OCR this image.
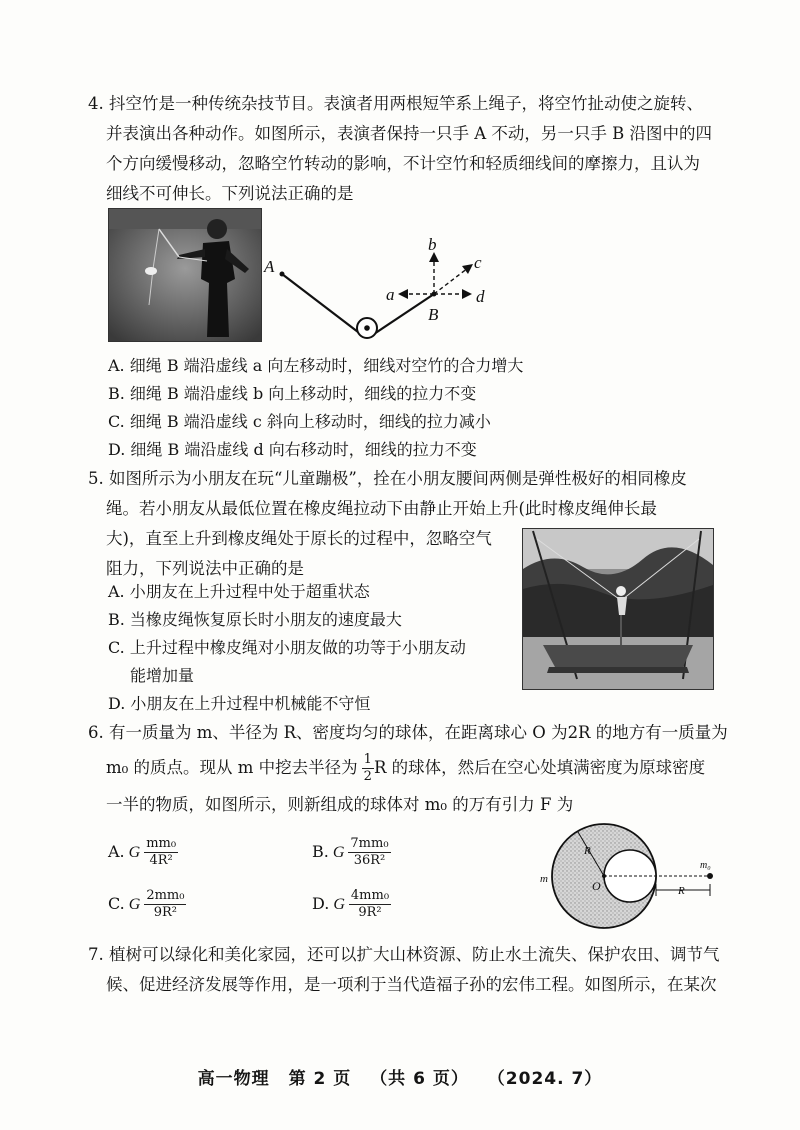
4. 抖空竹是一种传统杂技节目。表演者用两根短竿系上绳子，将空竹扯动使之旋转、
并表演出各种动作。如图所示，表演者保持一只手 A 不动，另一只手 B 沿图中的四
个方向缓慢移动，忽略空竹转动的影响，不计空竹和轻质细线间的摩擦力，且认为
细线不可伸长。下列说法正确的是
A
B
b
c
a	d
A. 细绳 B 端沿虚线 a 向左移动时，细线对空竹的合力增大
B. 细绳 B 端沿虚线 b 向上移动时，细线的拉力不变
C. 细绳 B 端沿虚线 c 斜向上移动时，细线的拉力减小
D. 细绳 B 端沿虚线 d 向右移动时，细线的拉力不变
5. 如图所示为小朋友在玩“儿童蹦极”，拴在小朋友腰间两侧是弹性极好的相同橡皮
绳。若小朋友从最低位置在橡皮绳拉动下由静止开始上升(此时橡皮绳伸长最
大)，直至上升到橡皮绳处于原长的过程中，忽略空气
阻力，下列说法中正确的是
A. 小朋友在上升过程中处于超重状态
B. 当橡皮绳恢复原长时小朋友的速度最大
C. 上升过程中橡皮绳对小朋友做的功等于小朋友动
能增加量
D. 小朋友在上升过程中机械能不守恒
6. 有一质量为 m、半径为 R、密度均匀的球体，在距离球心 O 为2R 的地方有一质量为
m₀ 的质点。现从 m 中挖去半径为 $\frac{1}{2}$ R 的球体，然后在空心处填满密度为原球密度
一半的物质，如图所示，则新组成的球体对 m₀ 的万有引力 F 为
A. G $\frac{\text{mm₀}}{\text{4R²}}$	B. G $\frac{\text{7mm₀}}{\text{36R²}}$
C. G $\frac{\text{2mm₀}}{\text{9R²}}$	D. G $\frac{\text{4mm₀}}{\text{9R²}}$
m	O
R
R
m₀
7. 植树可以绿化和美化家园，还可以扩大山林资源、防止水土流失、保护农田、调节气
候、促进经济发展等作用，是一项利于当代造福子孙的宏伟工程。如图所示，在某次
高一物理 第 2 页 （共 6 页） （2024. 7）
